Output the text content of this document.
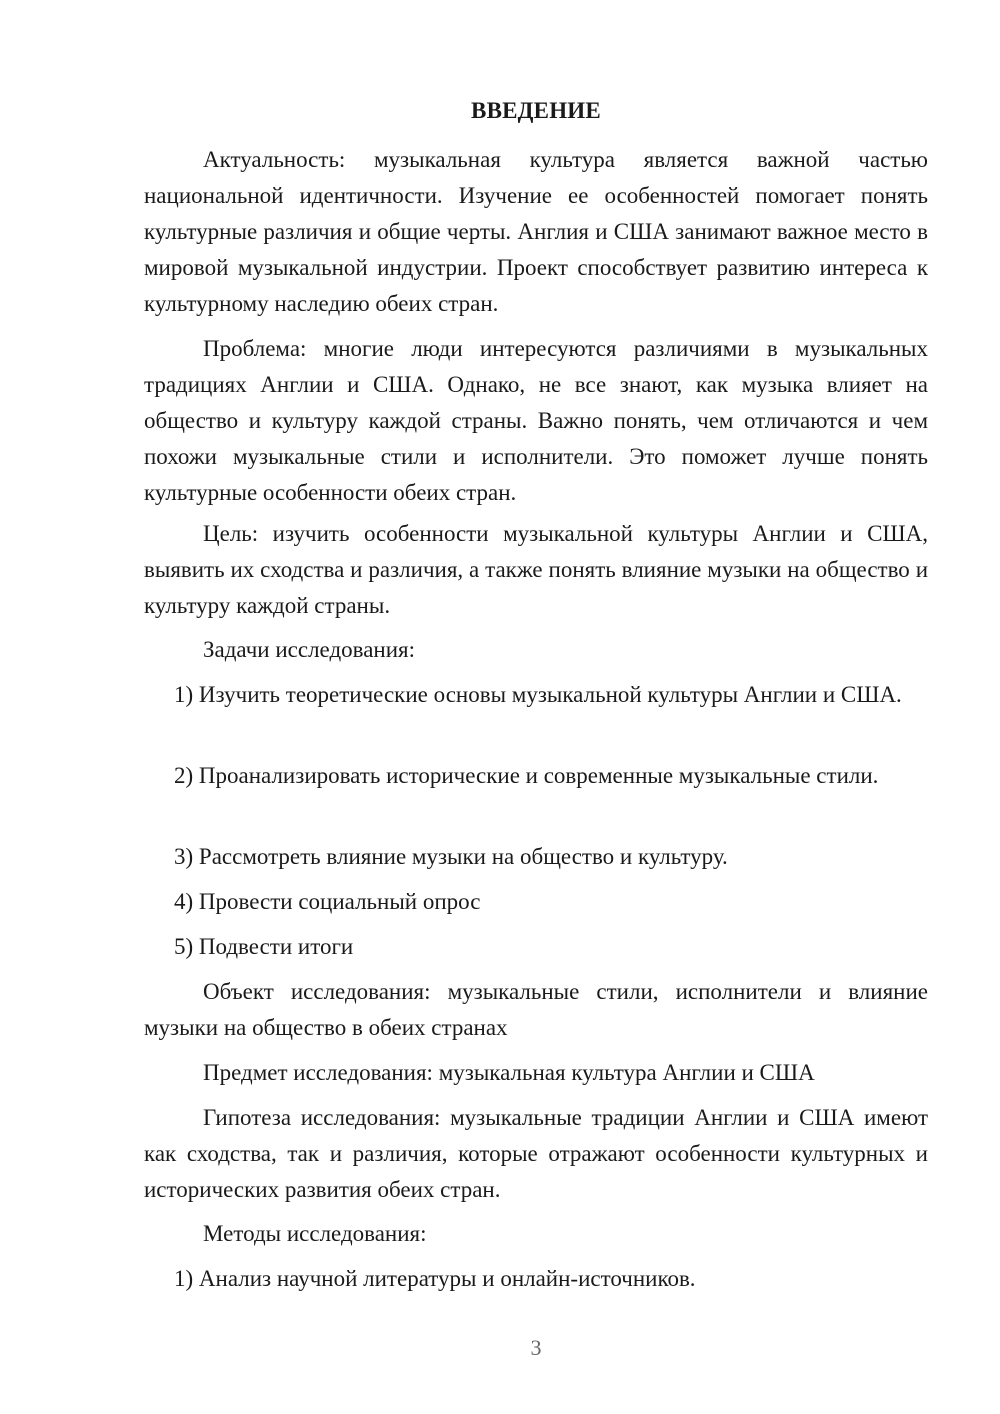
ВВЕДЕНИЕ

Актуальность: музыкальная культура является важной частью национальной идентичности. Изучение ее особенностей помогает понять культурные различия и общие черты. Англия и США занимают важное место в мировой музыкальной индустрии. Проект способствует развитию интереса к культурному наследию обеих стран.

Проблема: многие люди интересуются различиями в музыкальных традициях Англии и США. Однако, не все знают, как музыка влияет на общество и культуру каждой страны. Важно понять, чем отличаются и чем похожи музыкальные стили и исполнители. Это поможет лучше понять культурные особенности обеих стран.

Цель: изучить особенности музыкальной культуры Англии и США, выявить их сходства и различия, а также понять влияние музыки на общество и культуру каждой страны.

Задачи исследования:

1) Изучить теоретические основы музыкальной культуры Англии и США.

2) Проанализировать исторические и современные музыкальные стили.

3) Рассмотреть влияние музыки на общество и культуру.

4) Провести социальный опрос

5) Подвести итоги

Объект исследования: музыкальные стили, исполнители и влияние музыки на общество в обеих странах

Предмет исследования: музыкальная культура Англии и США

Гипотеза исследования: музыкальные традиции Англии и США имеют как сходства, так и различия, которые отражают особенности культурных и исторических развития обеих стран.

Методы исследования:

1) Анализ научной литературы и онлайн-источников.

3
